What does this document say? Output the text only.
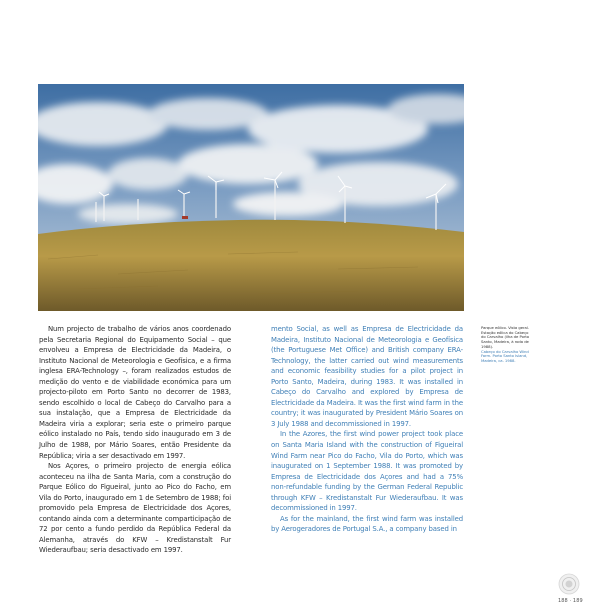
Num projecto de trabalho de vários anos coordenado pela Secretaria Regional do Equipamento Social – que envolveu a Empresa de Electricidade da Madeira, o Instituto Nacional de Meteorologia e Geofísica, e a firma inglesa ERA-Technology –, foram realizados estudos de medição do vento e de viabilidade económica para um projecto-piloto em Porto Santo no decorrer de 1983, sendo escolhido o local de Cabeço do Carvalho para a sua instalação, que a Empresa de Electricidade da Madeira viria a explorar; seria este o primeiro parque eólico instalado no País, tendo sido inaugurado em 3 de Julho de 1988, por Mário Soares, então Presidente da República; viria a ser desactivado em 1997.

Nos Açores, o primeiro projecto de energia eólica aconteceu na ilha de Santa Maria, com a construção do Parque Eólico do Figueiral, junto ao Pico do Facho, em Vila do Porto, inaugurado em 1 de Setembro de 1988; foi promovido pela Empresa de Electricidade dos Açores, contando ainda com a determinante comparticipação de 72 por cento a fundo perdido da República Federal da Alemanha, através do KFW – Kredistanstalt Fur Wiederaufbau; seria desactivado em 1997.

mento Social, as well as Empresa de Electricidade da Madeira, Instituto Nacional de Meteorologia e Geofísica (the Portuguese Met Office) and British company ERA-Technology, the latter carried out wind measurements and economic feasibility studies for a pilot project in Porto Santo, Madeira, during 1983. It was installed in Cabeço do Carvalho and explored by Empresa de Electricidade da Madeira. It was the first wind farm in the country; it was inaugurated by President Mário Soares on 3 July 1988 and decommissioned in 1997.

In the Azores, the first wind power project took place on Santa Maria Island with the construction of Figueiral Wind Farm near Pico do Facho, Vila do Porto, which was inaugurated on 1 September 1988. It was promoted by Empresa de Electricidade dos Açores and had a 75% non-refundable funding by the German Federal Republic through KFW – Kredistanstalt Fur Wiederaufbau. It was decommissioned in 1997.

As for the mainland, the first wind farm was installed by Aerogeradores de Portugal S.A., a company based in

Parque eólico. Vista geral. Estação eólica do Cabeço do Carvalho (ilha de Porto Santo, Madeira, à roda de 1988).
Cabeço do Carvalho Wind Farm. Porto Santo Island, Madeira, ca. 1988.
188 · 189
